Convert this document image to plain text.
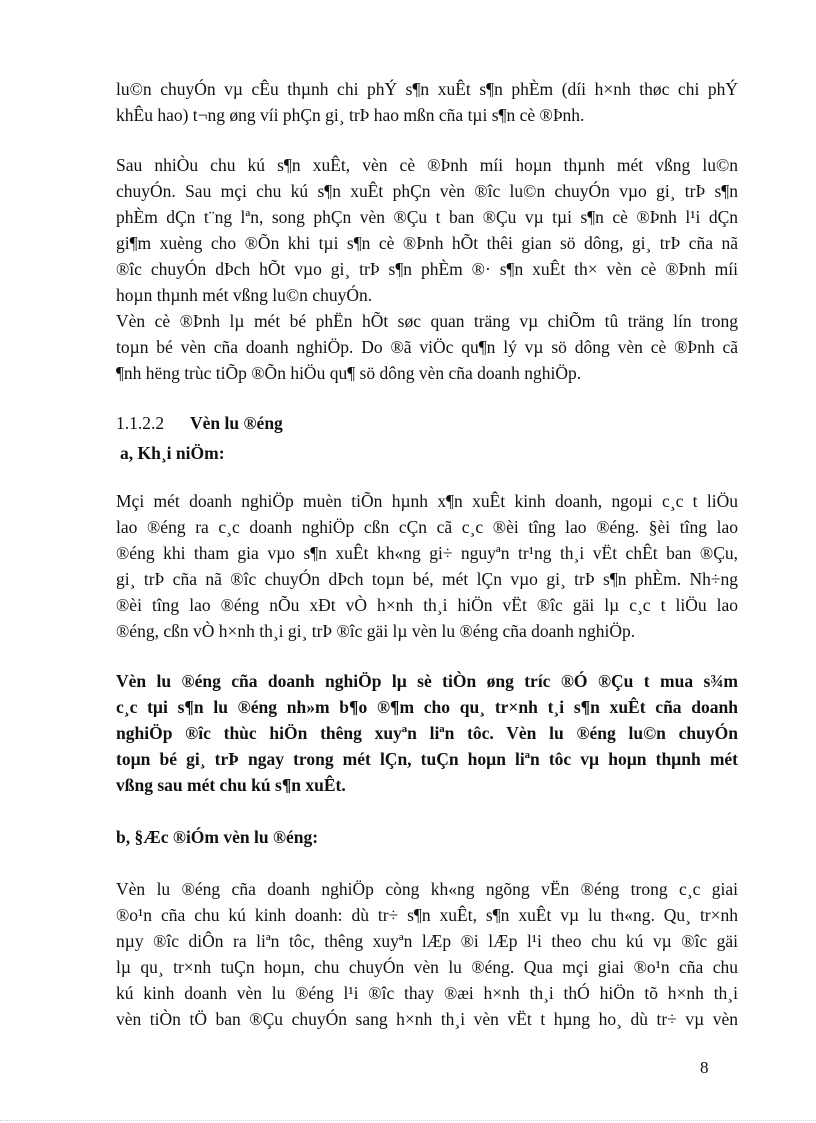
lu©n chuyÓn vµ cÊu thµnh chi phÝ s¶n xuÊt s¶n phÈm (díi h×nh thøc chi phÝ
khÊu hao) t¬ng øng víi phÇn gi¸ trÞ hao mßn cña tµi s¶n cè ®Þnh.
Sau nhiÒu chu kú s¶n xuÊt, vèn cè ®Þnh míi hoµn thµnh mét vßng lu©n
chuyÓn. Sau mçi chu kú s¶n xuÊt phÇn vèn ®îc lu©n chuyÓn vµo gi¸ trÞ s¶n
phÈm dÇn t¨ng lªn, song phÇn vèn ®Çu t ban ®Çu vµ tµi s¶n cè ®Þnh l¹i dÇn
gi¶m xuèng cho ®Õn khi tµi s¶n cè ®Þnh hÕt thêi gian sö dông, gi¸ trÞ cña nã
®îc chuyÓn dÞch hÕt vµo gi¸ trÞ s¶n phÈm ®· s¶n xuÊt th× vèn cè ®Þnh míi
hoµn thµnh mét vßng lu©n chuyÓn.
Vèn cè ®Þnh lµ mét bé phËn hÕt søc quan träng vµ chiÕm tû träng lín trong
toµn bé vèn cña doanh nghiÖp. Do ®ã viÖc qu¶n lý vµ sö dông vèn cè ®Þnh cã
¶nh hëng trùc tiÕp ®Õn hiÖu qu¶ sö dông vèn cña doanh nghiÖp.
1.1.2.2 Vèn lu ®éng
a, Kh¸i niÖm:
Mçi mét doanh nghiÖp muèn tiÕn hµnh x¶n xuÊt kinh doanh, ngoµi c¸c t liÖu
lao ®éng ra c¸c doanh nghiÖp cßn cÇn cã c¸c ®èi tîng lao ®éng. §èi tîng lao
®éng khi tham gia vµo s¶n xuÊt kh«ng gi÷ nguyªn tr¹ng th¸i vËt chÊt ban ®Çu,
gi¸ trÞ cña nã ®îc chuyÓn dÞch toµn bé, mét lÇn vµo gi¸ trÞ s¶n phÈm. Nh÷ng
®èi tîng lao ®éng nÕu xÐt vÒ h×nh th¸i hiÖn vËt ®îc gäi lµ c¸c t liÖu lao
®éng, cßn vÒ h×nh th¸i gi¸ trÞ ®îc gäi lµ vèn lu ®éng cña doanh nghiÖp.
Vèn lu ®éng cña doanh nghiÖp lµ sè tiÒn øng tríc ®Ó ®Çu t mua s¾m
c¸c tµi s¶n lu ®éng nh»m b¶o ®¶m cho qu¸ tr×nh t¸i s¶n xuÊt cña doanh
nghiÖp ®îc thùc hiÖn thêng xuyªn liªn tôc. Vèn lu ®éng lu©n chuyÓn
toµn bé gi¸ trÞ ngay trong mét lÇn, tuÇn hoµn liªn tôc vµ hoµn thµnh mét
vßng sau mét chu kú s¶n xuÊt.
b, §Æc ®iÓm vèn lu ®éng:
Vèn lu ®éng cña doanh nghiÖp còng kh«ng ngõng vËn ®éng trong c¸c giai
®o¹n cña chu kú kinh doanh: dù tr÷ s¶n xuÊt, s¶n xuÊt vµ lu th«ng. Qu¸ tr×nh
nµy ®îc diÔn ra liªn tôc, thêng xuyªn lÆp ®i lÆp l¹i theo chu kú vµ ®îc gäi
lµ qu¸ tr×nh tuÇn hoµn, chu chuyÓn vèn lu ®éng. Qua mçi giai ®o¹n cña chu
kú kinh doanh vèn lu ®éng l¹i ®îc thay ®æi h×nh th¸i thÓ hiÖn tõ h×nh th¸i
vèn tiÒn tÖ ban ®Çu chuyÓn sang h×nh th¸i vèn vËt t hµng ho¸ dù tr÷ vµ vèn
8
